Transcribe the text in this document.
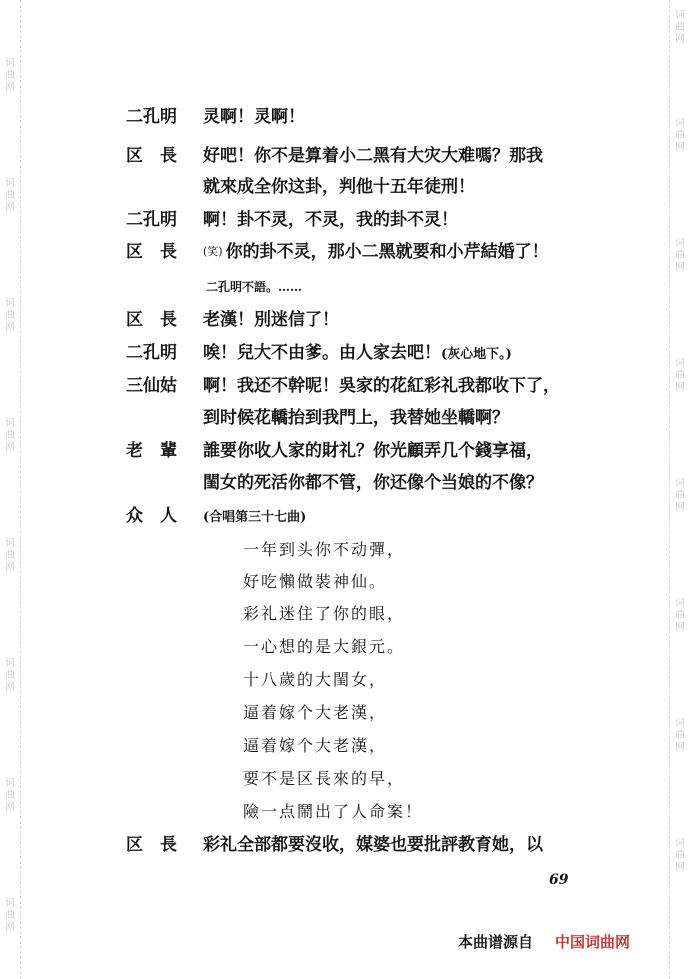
词曲网
词曲网
词曲网
词曲网
词曲网
词曲网
词曲网
词曲网
词曲网
词曲网
词曲网
词曲网
词曲网
词曲网
词曲网
词曲网
二孔明	灵啊！灵啊！
区　長	好吧！你不是算着小二黑有大灾大难嗎？那我
就來成全你这卦，判他十五年徒刑！
二孔明	啊！卦不灵，不灵，我的卦不灵！
区　長	$^{(笑)}$ 你的卦不灵，那小二黑就要和小芹結婚了！
二孔明不語。……
区　長	老漢！別迷信了！
二孔明	唉！兒大不由爹。由人家去吧！(灰心地下。)
三仙姑	啊！我还不幹呢！吳家的花紅彩礼我都收下了，
到时候花轎抬到我門上，我替她坐轎啊？
老　輩	誰要你收人家的財礼？你光顧弄几个錢享福，
閨女的死活你都不管，你还像个当娘的不像？
众　人	(合唱第三十七曲)
一年到头你不动彈，
好吃懶做裝神仙。
彩礼迷住了你的眼，
一心想的是大銀元。
十八歲的大閨女，
逼着嫁个大老漢，
逼着嫁个大老漢，
要不是区長來的早，
險一点鬧出了人命案！
区　長	彩礼全部都要沒收，媒婆也要批評教育她，以
69
本曲谱源自 中国词曲网
